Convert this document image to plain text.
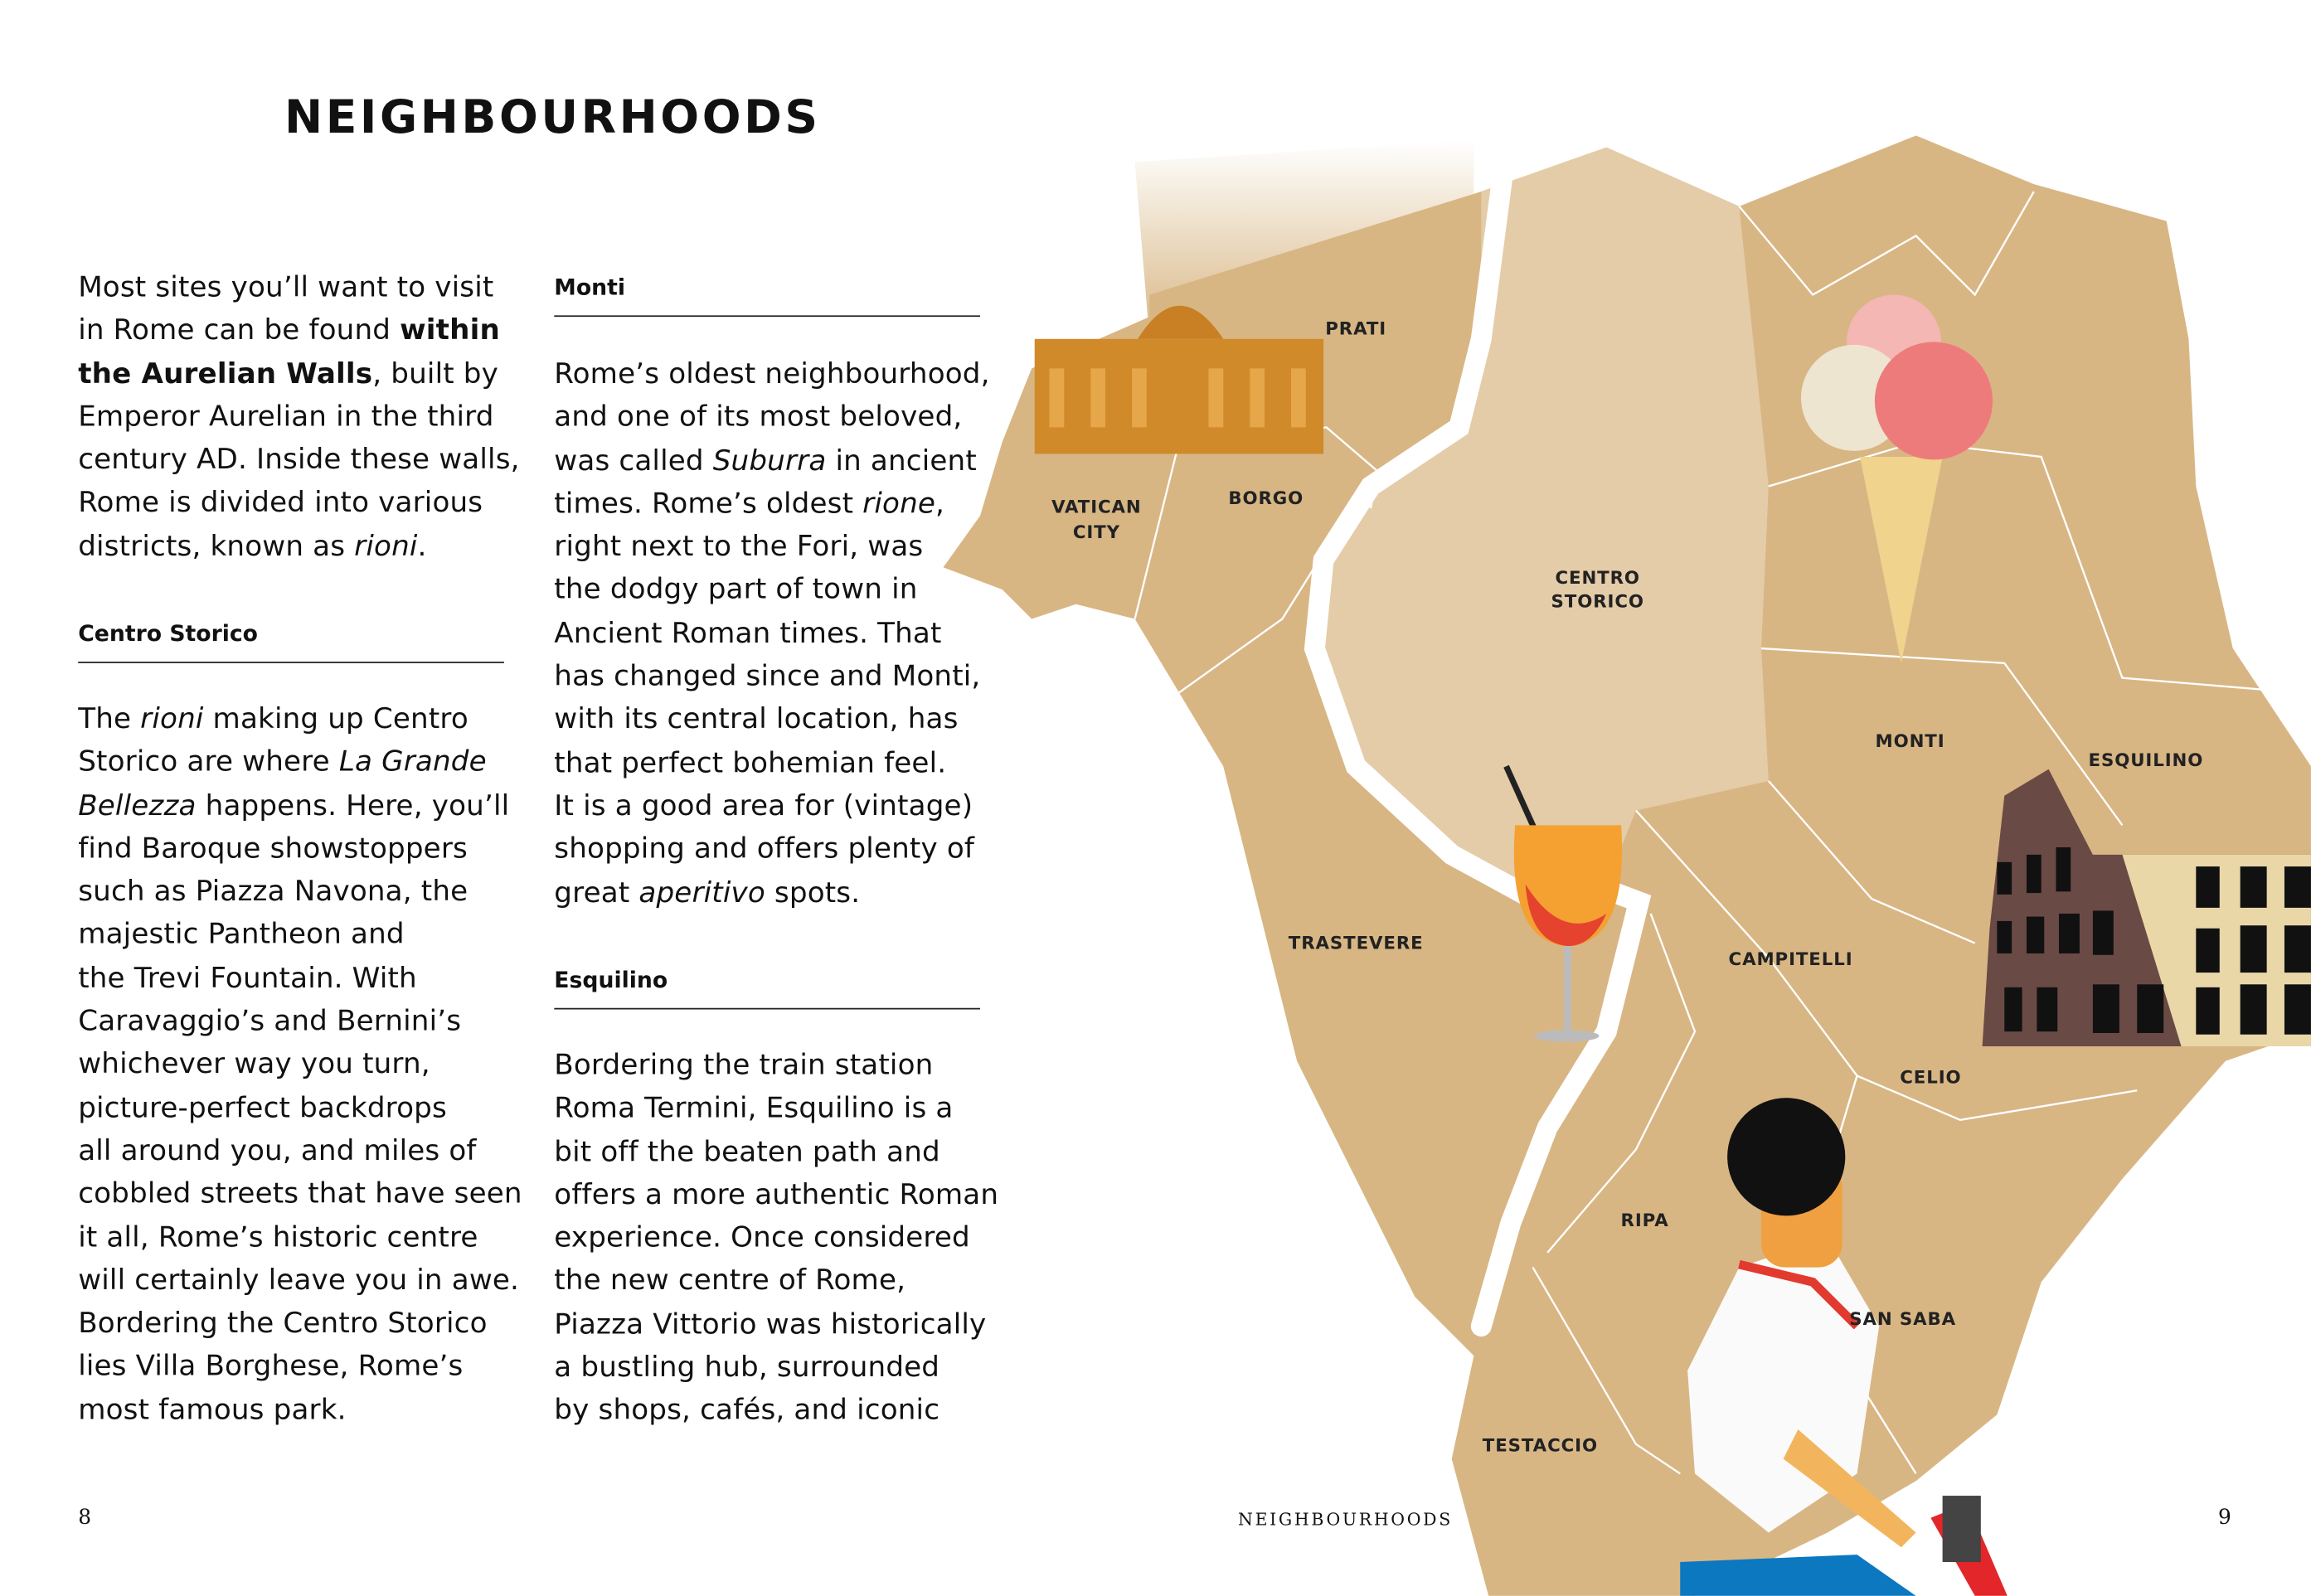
NEIGHBOURHOODS
Most sites you’ll want to visit
in Rome can be found within
the Aurelian Walls, built by
Emperor Aurelian in the third
century AD. Inside these walls,
Rome is divided into various
districts, known as rioni.
Centro Storico
The rioni making up Centro
Storico are where La Grande
Bellezza happens. Here, you’ll
find Baroque showstoppers
such as Piazza Navona, the
majestic Pantheon and
the Trevi Fountain. With
Caravaggio’s and Bernini’s
whichever way you turn,
picture-perfect backdrops
all around you, and miles of
cobbled streets that have seen
it all, Rome’s historic centre
will certainly leave you in awe.
Bordering the Centro Storico
lies Villa Borghese, Rome’s
most famous park.
Monti
Rome’s oldest neighbourhood,
and one of its most beloved,
was called Suburra in ancient
times. Rome’s oldest rione,
right next to the Fori, was
the dodgy part of town in
Ancient Roman times. That
has changed since and Monti,
with its central location, has
that perfect bohemian feel.
It is a good area for (vintage)
shopping and offers plenty of
great aperitivo spots.
Esquilino
Bordering the train station
Roma Termini, Esquilino is a
bit off the beaten path and
offers a more authentic Roman
experience. Once considered
the new centre of Rome,
Piazza Vittorio was historically
a bustling hub, surrounded
by shops, cafés, and iconic
PRATI
VATICAN
CITY
BORGO
CENTRO
STORICO
MONTI
ESQUILINO
TRASTEVERE
CAMPITELLI
CELIO
RIPA
SAN SABA
TESTACCIO
8	NEIGHBOURHOODS	9
